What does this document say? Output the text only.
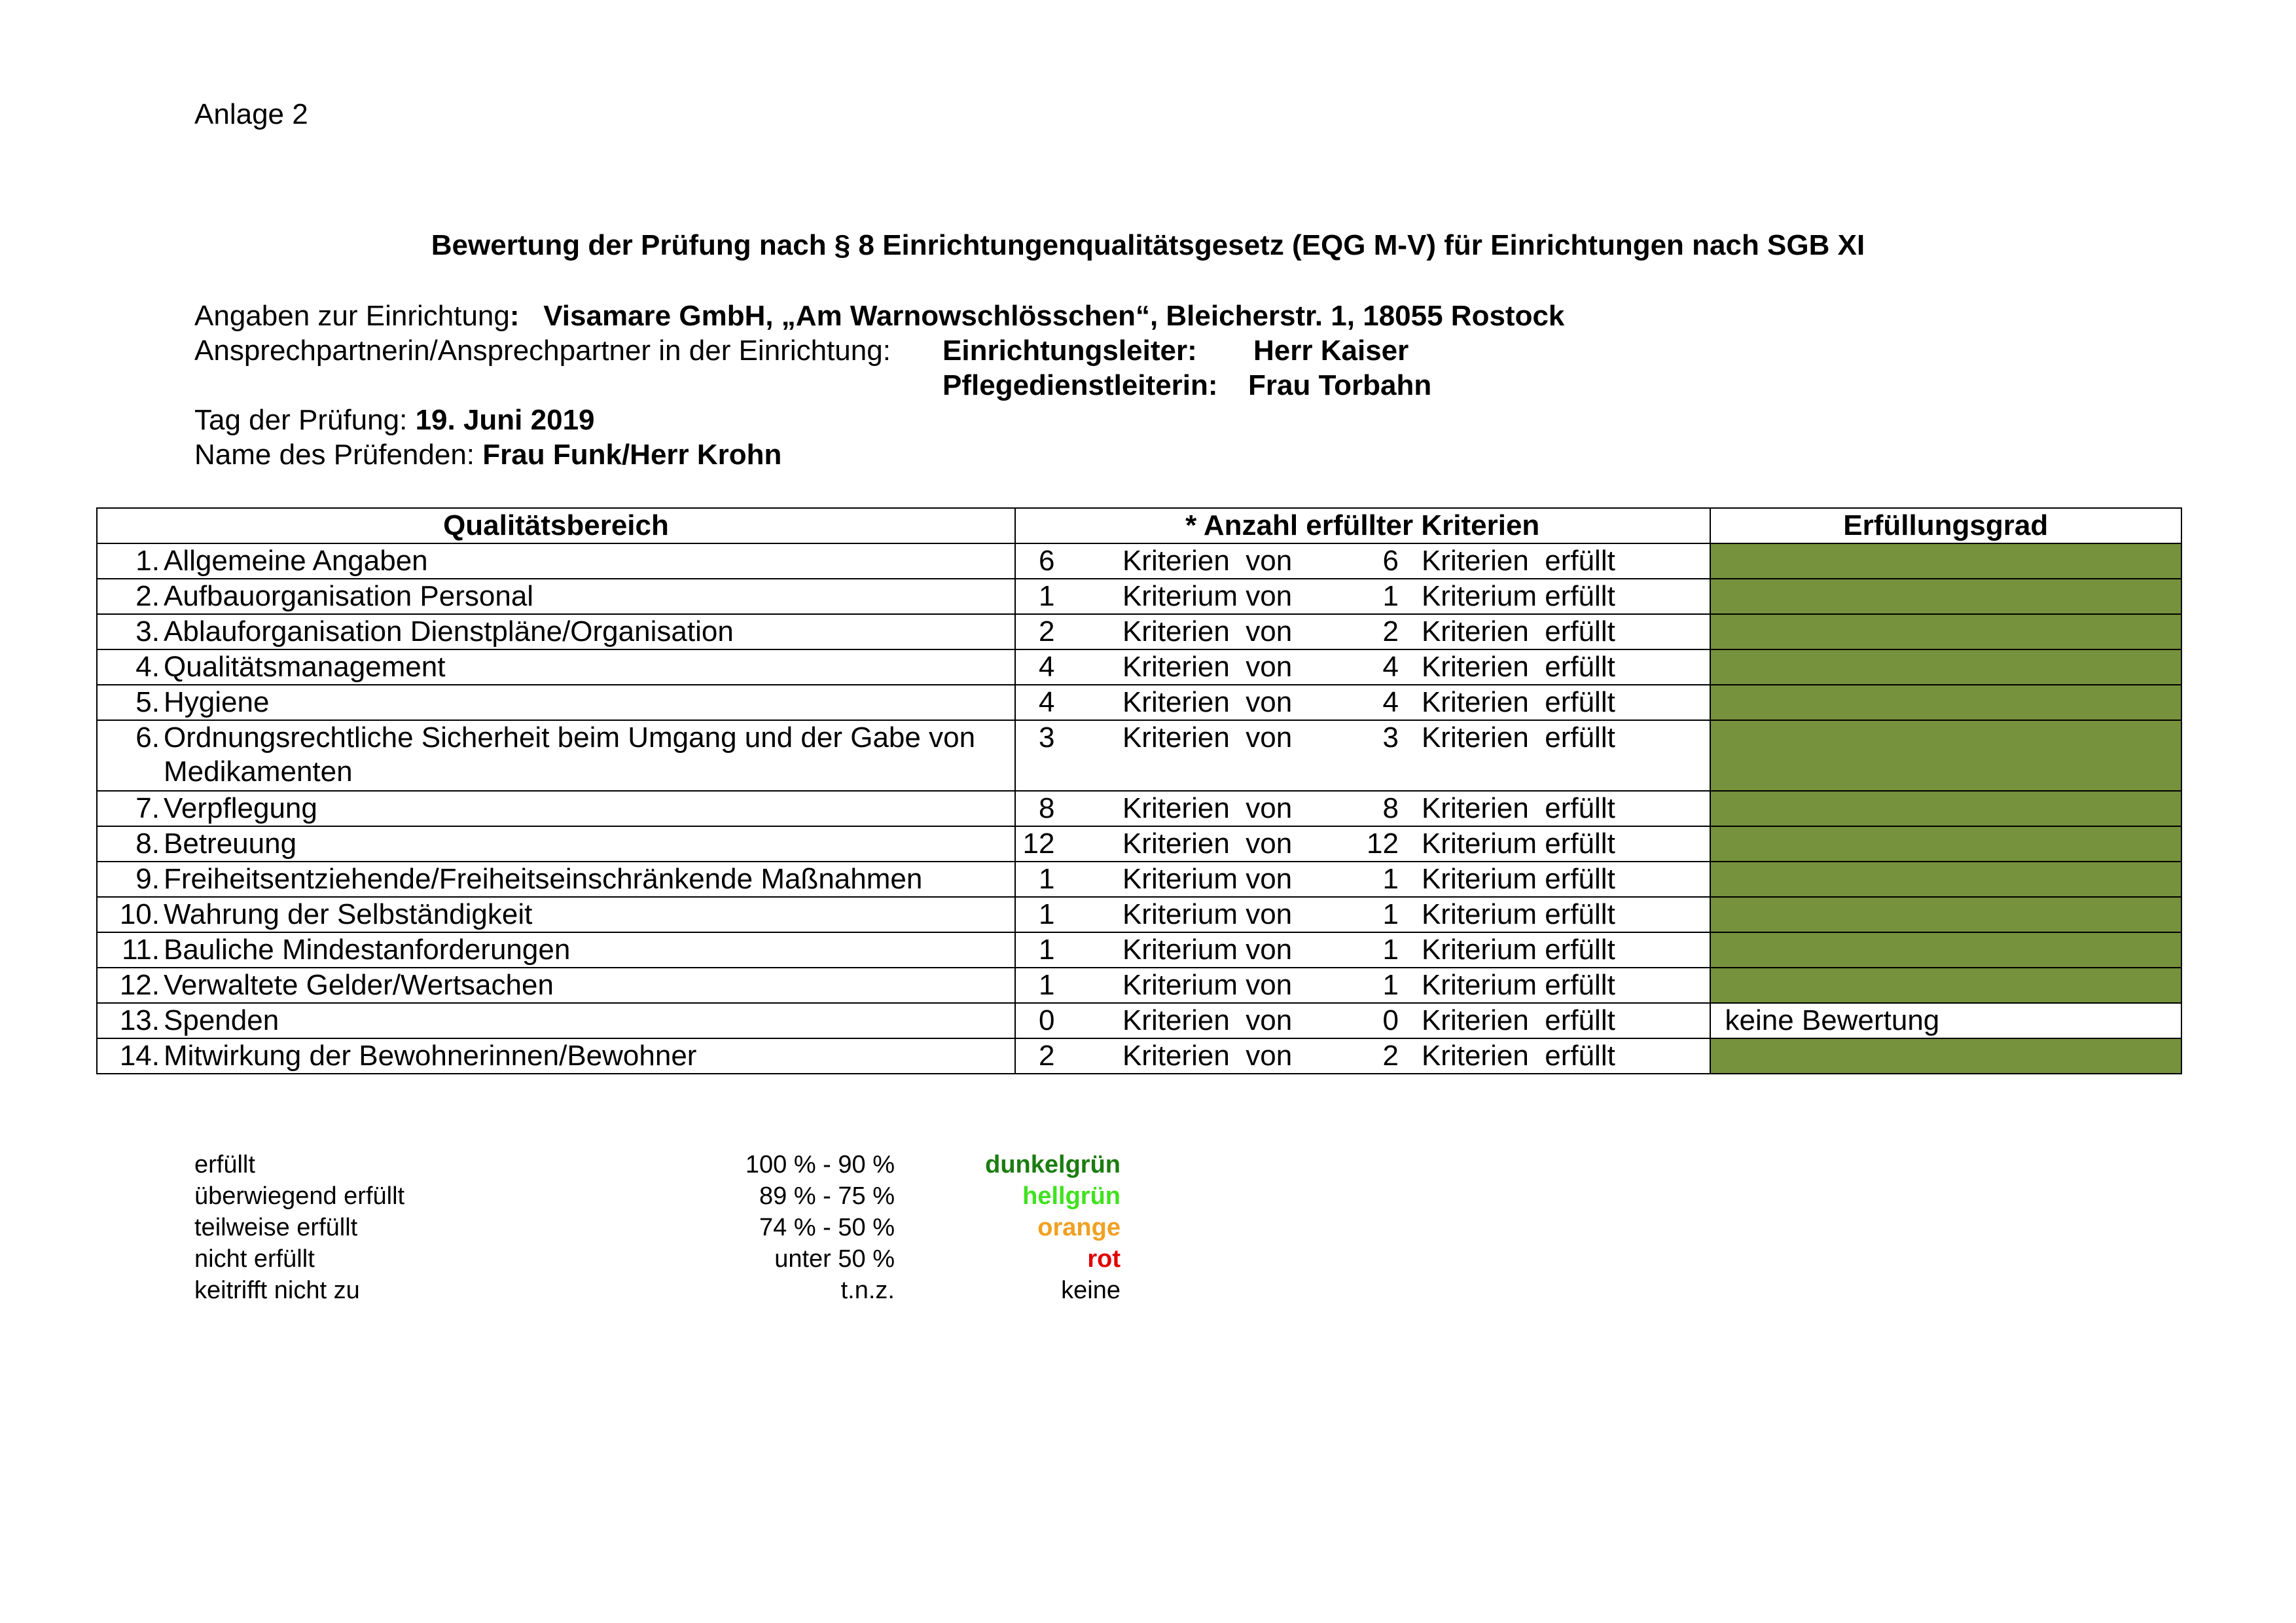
Anlage 2
Bewertung der Prüfung nach § 8 Einrichtungenqualitätsgesetz (EQG M-V) für Einrichtungen nach SGB XI
Angaben zur Einrichtung: Visamare GmbH, „Am Warnowschlösschen“, Bleicherstr. 1, 18055 Rostock
Ansprechpartnerin/Ansprechpartner in der Einrichtung: Einrichtungsleiter: Herr Kaiser
Pflegedienstleiterin: Frau Torbahn
Tag der Prüfung: 19. Juni 2019
Name des Prüfenden: Frau Funk/Herr Krohn
Qualitätsbereich	* Anzahl erfüllter Kriterien	Erfüllungsgrad
1. Allgemeine Angaben	6 Kriterien  von 6 Kriterien  erfüllt	

2. Aufbauorganisation Personal	1 Kriterium von 1 Kriterium erfüllt	

3. Ablauforganisation Dienstpläne/Organisation	2 Kriterien  von 2 Kriterien  erfüllt	

4. Qualitätsmanagement	4 Kriterien  von 4 Kriterien  erfüllt	

5. Hygiene	4 Kriterien  von 4 Kriterien  erfüllt	

6. Ordnungsrechtliche Sicherheit beim Umgang und der Gabe von Medikamenten	3 Kriterien  von 3 Kriterien  erfüllt	

7. Verpflegung	8 Kriterien  von 8 Kriterien  erfüllt	

8. Betreuung	12 Kriterien  von 12 Kriterium erfüllt	

9. Freiheitsentziehende/Freiheitseinschränkende Maßnahmen	1 Kriterium von 1 Kriterium erfüllt	

10. Wahrung der Selbständigkeit	1 Kriterium von 1 Kriterium erfüllt	

11. Bauliche Mindestanforderungen	1 Kriterium von 1 Kriterium erfüllt	

12. Verwaltete Gelder/Wertsachen	1 Kriterium von 1 Kriterium erfüllt	

13. Spenden	0 Kriterien  von 0 Kriterien  erfüllt	keine Bewertung
14. Mitwirkung der Bewohnerinnen/Bewohner	2 Kriterien  von 2 Kriterien  erfüllt	

erfüllt	100 % - 90 %	dunkelgrün
überwiegend erfüllt	89 % - 75 %	hellgrün
teilweise erfüllt	74 % - 50 %	orange
nicht erfüllt	unter 50 %	rot
keitrifft nicht zu	t.n.z.	keine
